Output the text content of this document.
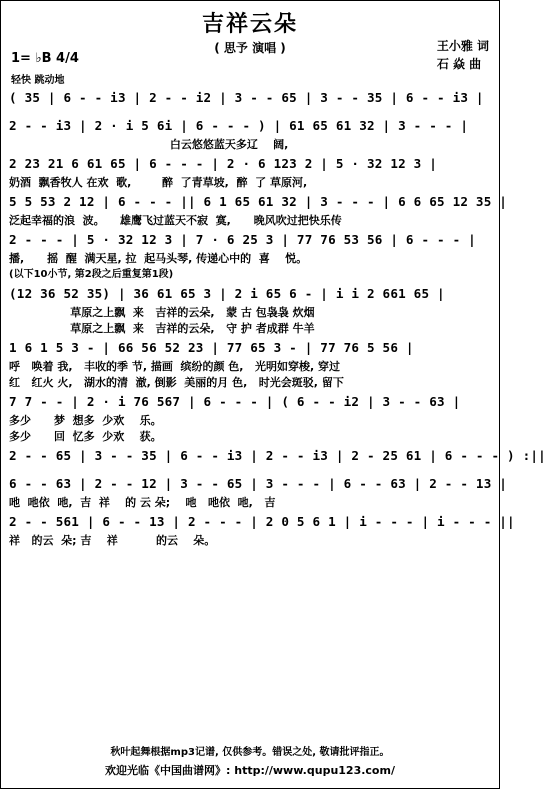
吉祥云朵
( 思予 演唱 )	王小雅 词
石 焱 曲
1= ♭B 4/4
轻快 跳动地
( 35 | 6 - - i3 | 2 - - i2 | 3 - - 65 | 3 - - 35 | 6 - - i3 |
2 - - i3 | 2 · i 5 6i | 6 - - - ) | 61 65 61 32 | 3 - - - |
白云悠悠蓝天多辽    阔,
2 23 21 6 61 65 | 6 - - - | 2 · 6 123 2 | 5 · 32 12 3 |
奶酒  飘香牧人 在欢  歌,        醉  了青草坡,  醉  了 草原河,
5 5 53 2 12 | 6 - - - || 6 1 65 61 32 | 3 - - - | 6 6 65 12 35 |
泛起幸福的浪  波。    雄鹰飞过蓝天不寂  寞,      晚风吹过把快乐传
2 - - - | 5 · 32 12 3 | 7 · 6 25 3 | 77 76 53 56 | 6 - - - |
播,      摇  醒  满天星, 拉  起马头琴, 传递心中的  喜    悦。
(以下10小节, 第2段之后重复第1段)
(12 36 52 35) | 36 61 65 3 | 2 i 65 6 - | i i 2 661 65 |
草原之上飘  来   吉祥的云朵,   蒙 古 包袅袅 炊烟
草原之上飘  来   吉祥的云朵,   守 护 者成群 牛羊
1 6 1 5 3 - | 66 56 52 23 | 77 65 3 - | 77 76 5 56 |
呼   唤着 我,   丰收的季 节, 描画  缤纷的颜 色,   光明如穿梭, 穿过
红   红火 火,   湖水的清  澈, 倒影  美丽的月 色,   时光会斑驳, 留下
7 7 - - | 2 · i 76 567 | 6 - - - | ( 6 - - i2 | 3 - - 63 |
多少      梦  想多  少欢    乐。
多少      回  忆多  少欢    获。
2 - - 65 | 3 - - 35 | 6 - - i3 | 2 - - i3 | 2 - 25 61 | 6 - - - ) :||
6 - - 63 | 2 - - 12 | 3 - - 65 | 3 - - - | 6 - - 63 | 2 - - 13 |
吔  吔依  吔,  吉  祥    的 云 朵;    吔   吔依  吔,   吉
2 - - 561 | 6 - - 13 | 2 - - - | 2 0 5 6 1 | i - - - | i - - - ||
祥   的云  朵; 吉    祥          的云    朵。
秋叶起舞根据mp3记谱, 仅供参考。错误之处, 敬请批评指正。
欢迎光临《中国曲谱网》: http://www.qupu123.com/
